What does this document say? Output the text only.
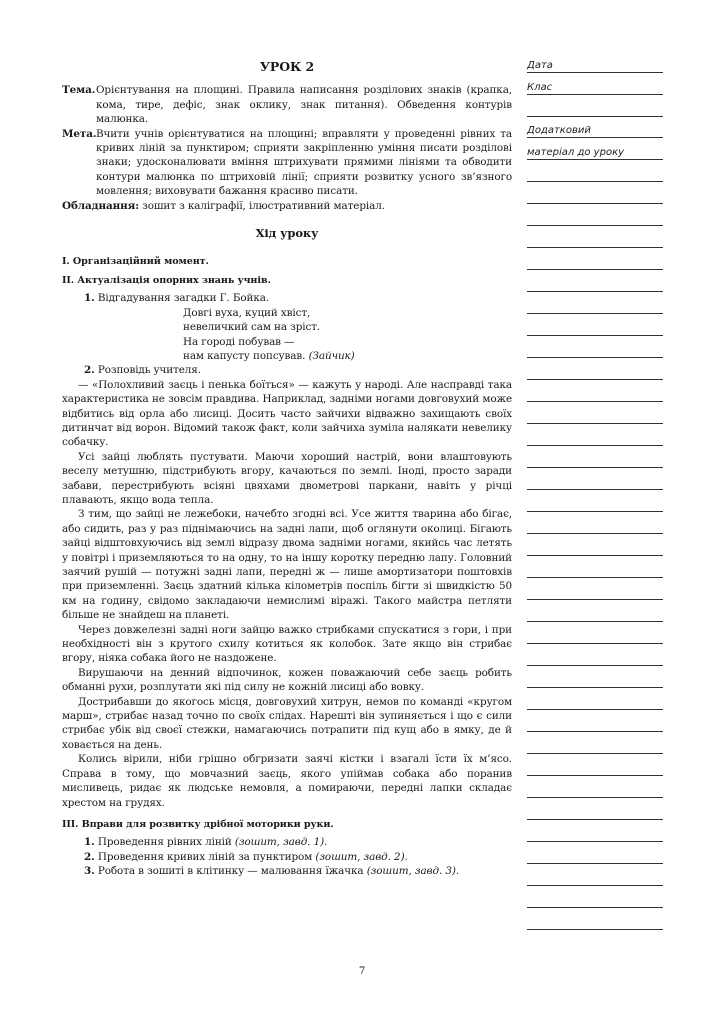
УРОК 2

Тема. Орієнтування на площині. Правила написання розділових знаків (крапка, кома, тире, дефіс, знак оклику, знак питання). Обведення контурів малюнка.
Мета. Вчити учнів орієнтуватися на площині; вправляти у проведенні рівних та кривих ліній за пунктиром; сприяти закріпленню уміння писати розділові знаки; удосконалювати вміння штрихувати прямими лініями та обводити контури малюнка по штриховій лінії; сприяти розвитку усного зв’язного мовлення; виховувати бажання красиво писати.

Обладнання: зошит з каліграфії, ілюстративний матеріал.

Хід уроку

I. Організаційний момент.

II. Актуалізація опорних знань учнів.

1. Відгадування загадки Г. Бойка.

Довгі вуха, куций хвіст,

невеличкий сам на зріст.

На городі побував —

нам капусту попсував. (Зайчик)

2. Розповідь учителя.

— «Полохливий заєць і пенька боїться» — кажуть у народі. Але насправді така характеристика не зовсім правдива. Наприклад, задніми ногами довговухий може відбитись від орла або лисиці. Досить часто зайчихи відважно захищають своїх дитинчат від ворон. Відомий також факт, коли зайчиха зуміла налякати невелику собачку.

Усі зайці люблять пустувати. Маючи хороший настрій, вони влаштовують веселу метушню, підстрибують вгору, качаються по землі. Іноді, просто заради забави, перестрибують всіяні цвяхами двометрові паркани, навіть у річці плавають, якщо вода тепла.

З тим, що зайці не лежебоки, начебто згодні всі. Усе життя тварина або бігає, або сидить, раз у раз піднімаючись на задні лапи, щоб оглянути околиці. Бігають зайці відштовхуючись від землі відразу двома задніми ногами, якийсь час летять у повітрі і приземляються то на одну, то на іншу коротку передню лапу. Головний заячий рушій — потужні задні лапи, передні ж — лише амортизатори поштовхів при приземленні. Заєць здатний кілька кілометрів поспіль бігти зі швидкістю 50 км на годину, свідомо закладаючи немислимі віражі. Такого майстра петляти більше не знайдеш на планеті.

Через довжелезні задні ноги зайцю важко стрибками спускатися з гори, і при необхідності він з крутого схилу котиться як колобок. Зате якщо він стрибає вгору, ніяка собака його не наздожене.

Вирушаючи на денний відпочинок, кожен поважаючий себе заєць робить обманні рухи, розплутати які під силу не кожній лисиці або вовку.

Дострибавши до якогось місця, довговухий хитрун, немов по команді «кругом марш», стрибає назад точно по своїх слідах. Нарешті він зупиняється і що є сили стрибає убік від своєї стежки, намагаючись потрапити під кущ або в ямку, де й ховається на день.

Колись вірили, ніби грішно обгризати заячі кістки і взагалі їсти їх м’ясо. Справа в тому, що мовчазний заєць, якого упіймав собака або поранив мисливець, ридає як людське немовля, а помираючи, передні лапки складає хрестом на грудях.

III. Вправи для розвитку дрібної моторики руки.

1. Проведення рівних ліній (зошит, завд. 1).

2. Проведення кривих ліній за пунктиром (зошит, завд. 2).

3. Робота в зошиті в клітинку — малювання їжачка (зошит, завд. 3).

7
Дата
Клас
Додатковий
матеріал до уроку
